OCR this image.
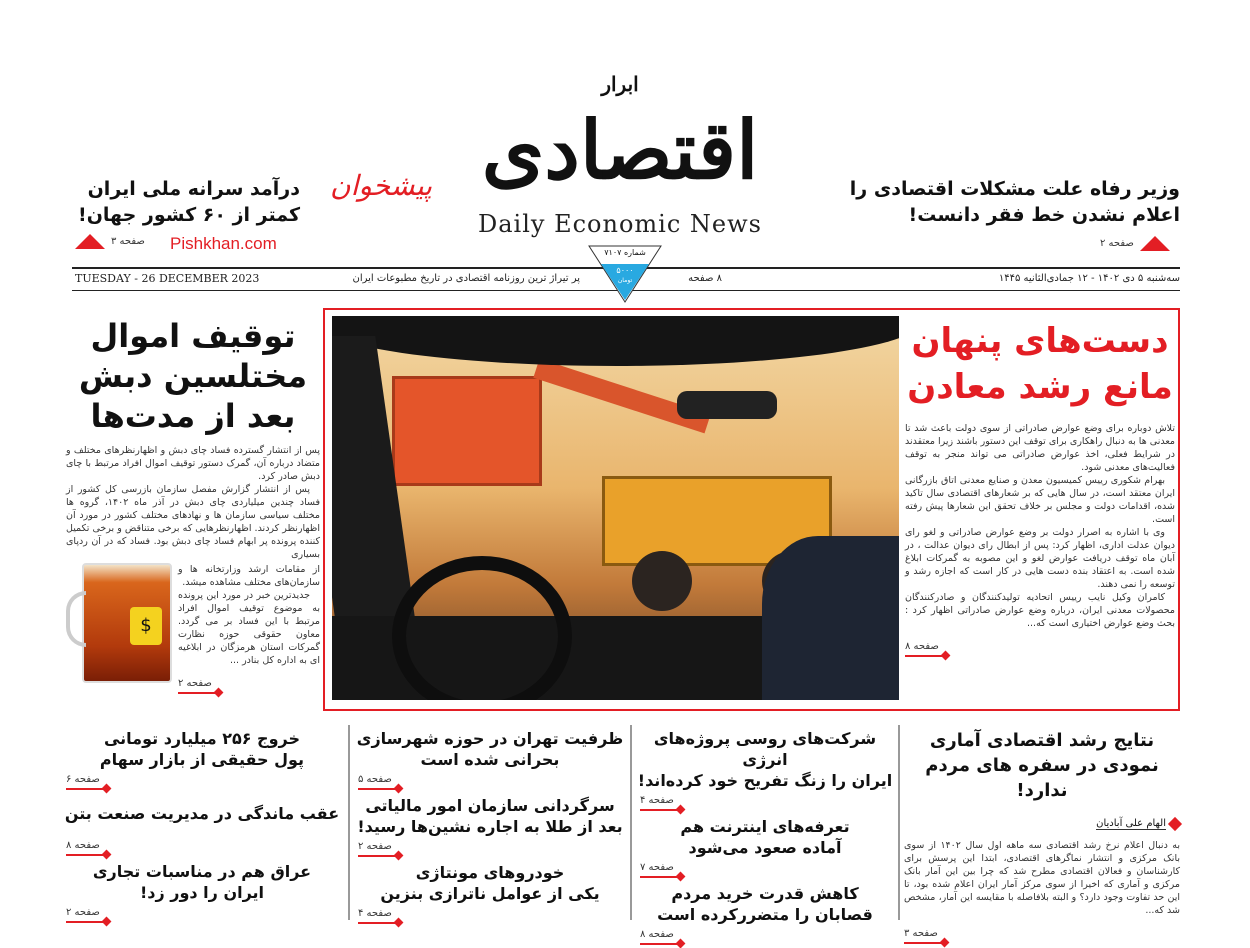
ابرار
اقتصادی
Daily Economic News
درآمد سرانه ملی ایران
کمتر از ۶۰ کشور جهان!
صفحه ۳
پیشخوان
Pishkhan.com
وزیر رفاه علت مشکلات اقتصادی را
اعلام نشدن خط فقر دانست!
صفحه ۲
TUESDAY - 26 DECEMBER 2023	پر تیراژ ترین روزنامه اقتصادی در تاریخ مطبوعات ایران	۸ صفحه	سه‌شنبه ۵ دی ۱۴۰۲ - ۱۲ جمادی‌الثانیه ۱۴۴۵
شماره ۷۱۰۷
۵۰۰۰
تومان
دست‌های پنهان
مانع رشد معادن

تلاش دوباره برای وضع عوارض صادراتی از سوی دولت باعث شد تا معدنی ها به دنبال راهکاری برای توقف این دستور باشند زیرا معتقدند در شرایط فعلی، اخذ عوارض صادراتی می تواند منجر به توقف فعالیت‌های معدنی شود.

بهرام شکوری رییس کمیسیون معدن و صنایع معدنی اتاق بازرگانی ایران معتقد است، در سال هایی که بر شعارهای اقتصادی سال تاکید شده، اقدامات دولت و مجلس بر خلاف تحقق این شعارها پیش رفته است.

وی با اشاره به اصرار دولت بر وضع عوارض صادراتی و لغو رای دیوان عدلت اداری، اظهار کرد: پس از ابطال رای دیوان عدالت ، در آبان ماه توقف دریافت عوارض لغو و این مصوبه به گمرکات ابلاغ شده است. به اعتقاد بنده دست هایی در کار است که اجازه رشد و توسعه را نمی دهند.

کامران وکیل نایب رییس اتحادیه تولیدکنندگان و صادرکنندگان محصولات معدنی ایران، درباره وضع عوارض صادراتی اظهار کرد : بحث وضع عوارض اختیاری است که...

صفحه ۸
توقیف اموال
مختلسین دبش
بعد از مدت‌ها

پس از انتشار گسترده فساد چای دبش و اظهارنظرهای مختلف و متضاد درباره آن، گمرک دستور توقیف اموال افراد مرتبط با چای دبش صادر کرد.

پس از انتشار گزارش مفصل سازمان بازرسی کل کشور از فساد چندین میلیاردی چای دبش در آذر ماه ۱۴۰۲، گروه ها مختلف سیاسی سازمان ها و نهادهای مختلف کشور در مورد آن اظهارنظر کردند. اظهارنظرهایی که برخی متناقض و برخی تکمیل کننده پرونده پر ابهام فساد چای دبش بود. فساد که در آن ردپای بسیاری

از مقامات ارشد وزارتخانه ها و سازمان‌های مختلف مشاهده میشد.

جدیدترین خبر در مورد این پرونده به موضوع توقیف اموال افراد مرتبط با این فساد بر می گردد. معاون حقوقی حوزه نظارت گمرکات استان هرمزگان در ابلاغیه ای به اداره کل بنادر ...

صفحه ۲
$
خروج ۲۵۶ میلیارد تومانی
پول حقیقی از بازار سهام
صفحه ۶
عقب ماندگی در مدیریت صنعت بتن
صفحه ۸
عراق هم در مناسبات تجاری
ایران را دور زد!
صفحه ۲
ظرفیت تهران در حوزه شهرسازی
بحرانی شده است
صفحه ۵
سرگردانی سازمان امور مالیاتی
بعد از طلا به اجاره نشین‌ها رسید!
صفحه ۲
خودروهای مونتاژی
یکی از عوامل ناترازی بنزین
صفحه ۴
شرکت‌های روسی پروژه‌های انرژی
ایران را زنگ تفریح خود کرده‌اند!
صفحه ۴
تعرفه‌های اینترنت هم
آماده صعود می‌شود
صفحه ۷
کاهش قدرت خرید مردم
قصابان را متضررکرده است
صفحه ۸
نتایج رشد اقتصادی آماری
نمودی در سفره های مردم ندارد!
الهام علی آبادیان

به دنبال اعلام نرخ رشد اقتصادی سه ماهه اول سال ۱۴۰۲ از سوی بانک مرکزی و انتشار نماگرهای اقتصادی، ابتدا این پرسش برای کارشناسان و فعالان اقتصادی مطرح شد که چرا بین این آمار بانک مرکزی و آماری که اخیرا از سوی مرکز آمار ایران اعلام شده بود، تا این حد تفاوت وجود دارد؟ و البته بلافاصله با مقایسه این آمار، مشخص شد که...

صفحه ۳
